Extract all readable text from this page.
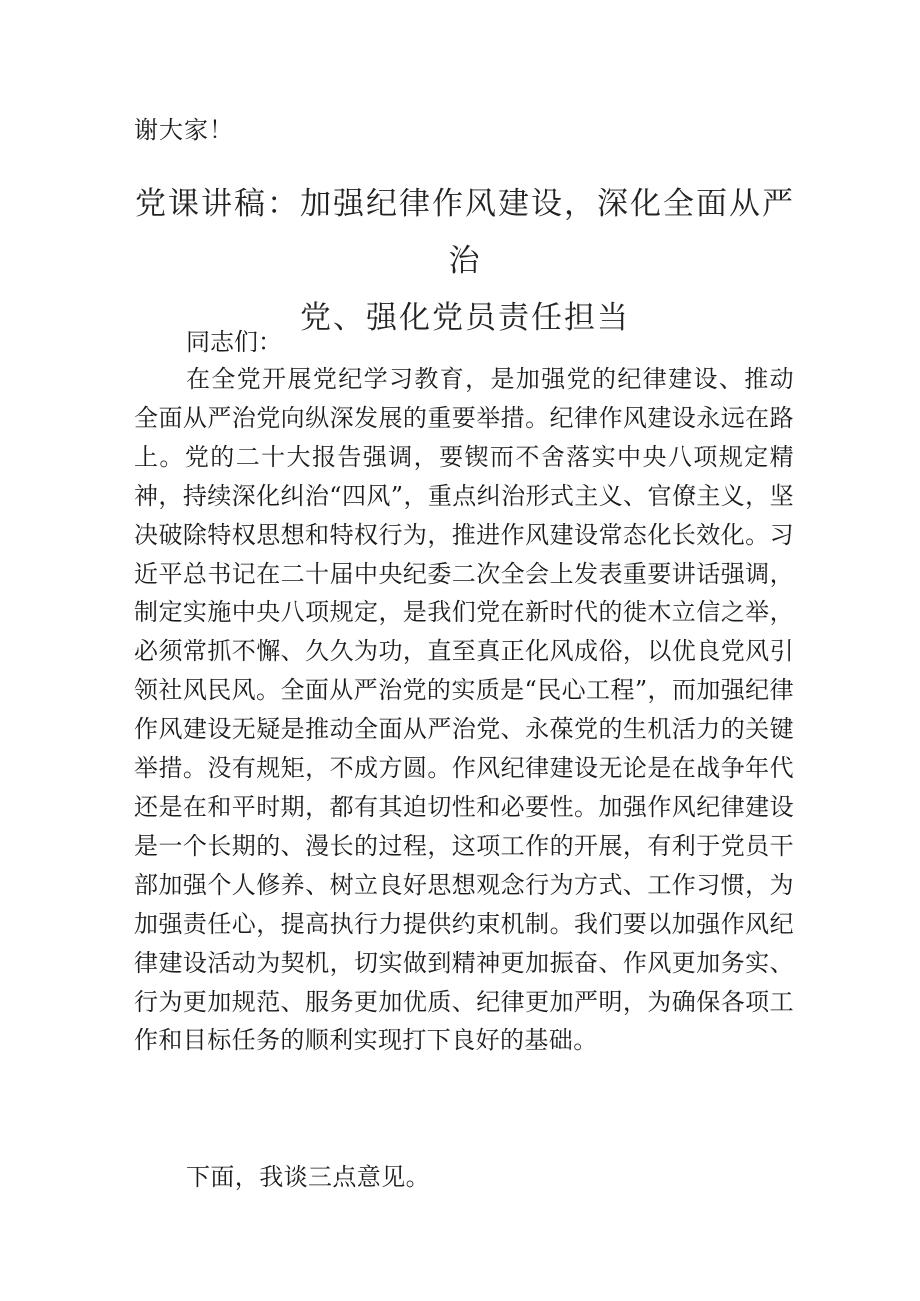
谢大家！

党课讲稿：加强纪律作风建设，深化全面从严治
党、强化党员责任担当

同志们：

在全党开展党纪学习教育，是加强党的纪律建设、推动全面从严治党向纵深发展的重要举措。纪律作风建设永远在路上。党的二十大报告强调，要锲而不舍落实中央八项规定精神，持续深化纠治“四风”，重点纠治形式主义、官僚主义，坚决破除特权思想和特权行为，推进作风建设常态化长效化。习近平总书记在二十届中央纪委二次全会上发表重要讲话强调，制定实施中央八项规定，是我们党在新时代的徙木立信之举，必须常抓不懈、久久为功，直至真正化风成俗，以优良党风引领社风民风。全面从严治党的实质是“民心工程”，而加强纪律作风建设无疑是推动全面从严治党、永葆党的生机活力的关键举措。没有规矩，不成方圆。作风纪律建设无论是在战争年代还是在和平时期，都有其迫切性和必要性。加强作风纪律建设是一个长期的、漫长的过程，这项工作的开展，有利于党员干部加强个人修养、树立良好思想观念行为方式、工作习惯，为加强责任心，提高执行力提供约束机制。我们要以加强作风纪律建设活动为契机，切实做到精神更加振奋、作风更加务实、行为更加规范、服务更加优质、纪律更加严明，为确保各项工作和目标任务的顺利实现打下良好的基础。

下面，我谈三点意见。
